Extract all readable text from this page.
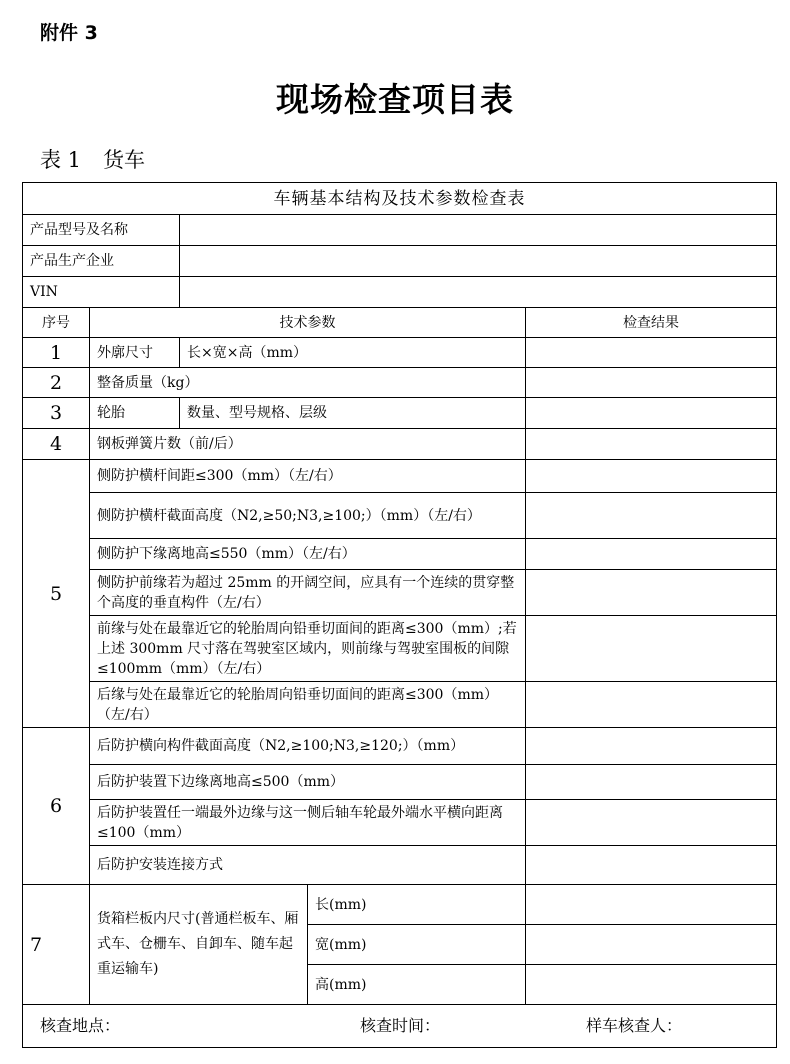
附件 3
现场检查项目表
表 1 货车
车辆基本结构及技术参数检查表				
产品型号及名称				
产品生产企业				
VIN				
序号	技术参数			检查结果
1	外廓尺寸	长×宽×高（mm）		
2	整备质量（kg）			
3	轮胎	数量、型号规格、层级		
4	钢板弹簧片数（前/后）			
5	侧防护横杆间距≤300（mm）（左/右）			
	侧防护横杆截面高度（N2,≥50;N3,≥100;）（mm）（左/右）			
	侧防护下缘离地高≤550（mm）（左/右）			
	侧防护前缘若为超过 25mm 的开阔空间，应具有一个连续的贯穿整个高度的垂直构件（左/右）			
	前缘与处在最靠近它的轮胎周向铅垂切面间的距离≤300（mm）;若上述 300mm 尺寸落在驾驶室区域内，则前缘与驾驶室围板的间隙≤100mm（mm）（左/右）			
	后缘与处在最靠近它的轮胎周向铅垂切面间的距离≤300（mm）（左/右）			
6	后防护横向构件截面高度（N2,≥100;N3,≥120;）（mm）			
	后防护装置下边缘离地高≤500（mm）			
	后防护装置任一端最外边缘与这一侧后轴车轮最外端水平横向距离≤100（mm）			
	后防护安装连接方式			
7	货箱栏板内尺寸(普通栏板车、厢式车、仓栅车、自卸车、随车起重运输车)		长(mm)	
			宽(mm)	
			高(mm)	

核查地点： 核查时间： 样车核查人：				
